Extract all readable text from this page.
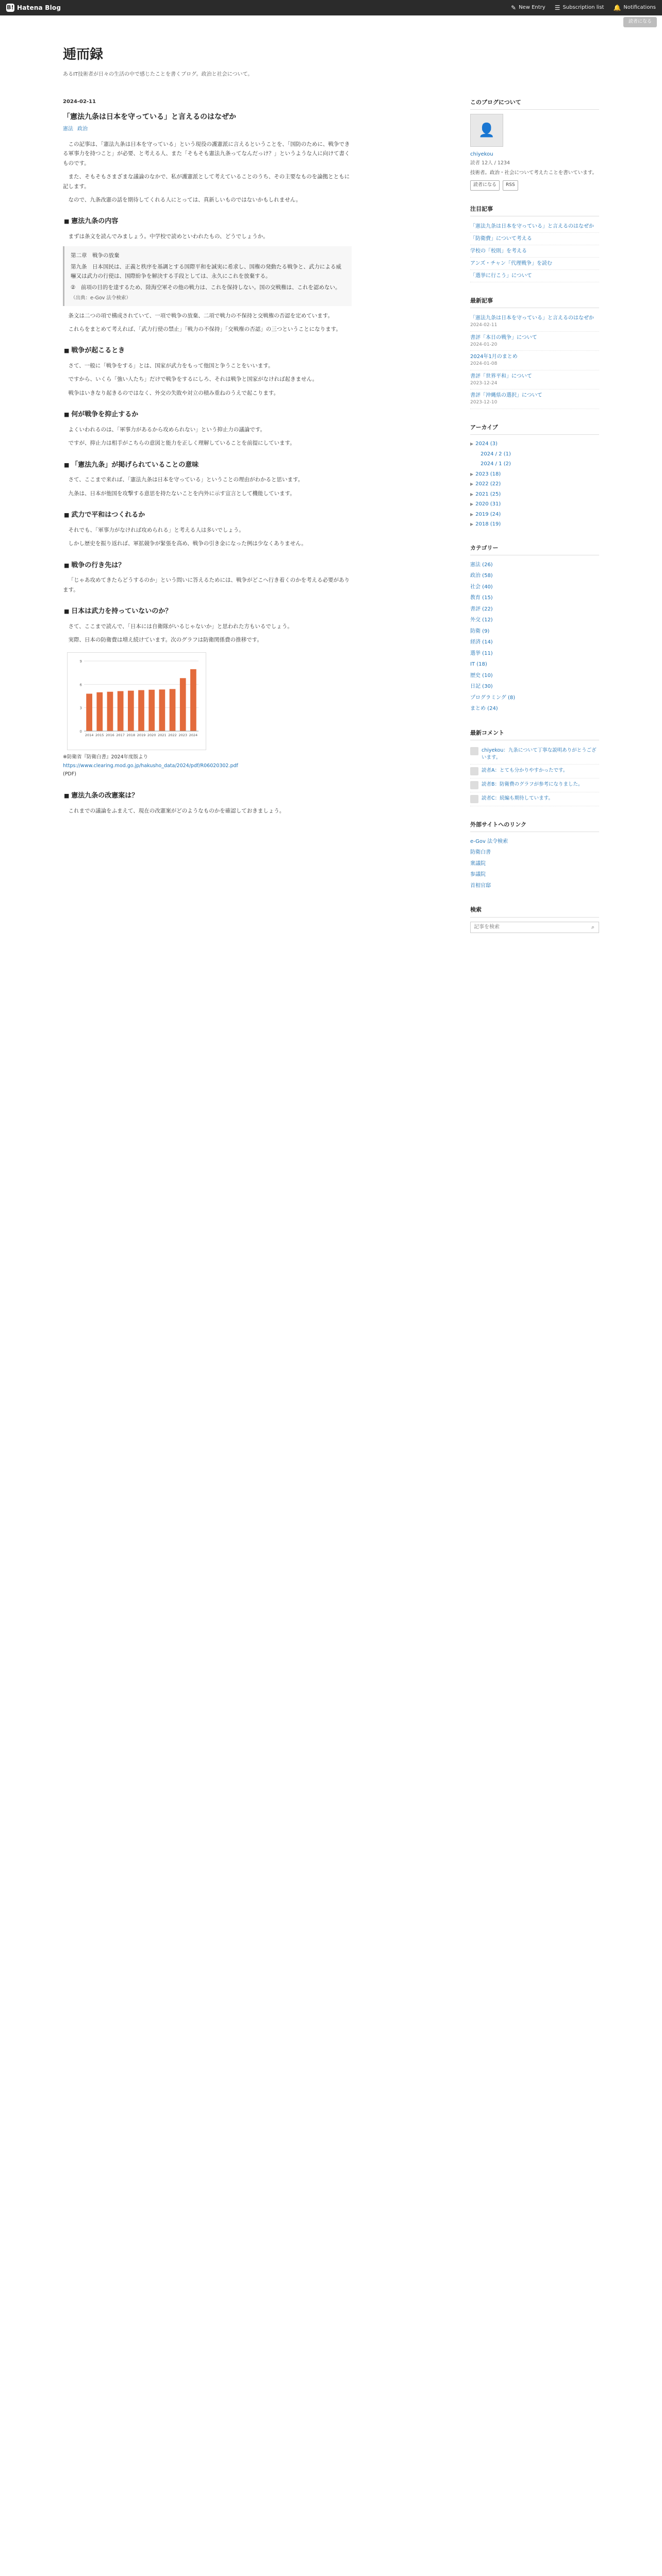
B! Hatena Blog	✎ New Entry ☰ Subscription list 🔔 Notifications
読者になる
逓而録
あるIT技術者が日々の生活の中で感じたことを書くブログ。政治と社会について。
2024-02-11
「憲法九条は日本を守っている」と言えるのはなぜか
憲法 政治

この記事は、「憲法九条は日本を守っている」という現役の護憲派に言えるということを、「国防のために、戦争できる軍事力を持つこと」が必要、と考える人、また「そもそも憲法九条ってなんだっけ？」というような人に向けて書くものです。

また、そもそもさまざまな議論のなかで、私が護憲派として考えていることのうち、その主要なものを論拠とともに記します。

なので、九条改憲の話を期待してくれる人にとっては、真新しいものではないかもしれません。

■ 憲法九条の内容

まずは条文を読んでみましょう。中学校で読めといわれたもの、どうでしょうか。

第二章　戦争の放棄

第九条　日本国民は、正義と秩序を基調とする国際平和を誠実に希求し、国権の発動たる戦争と、武力による威嚇又は武力の行使は、国際紛争を解決する手段としては、永久にこれを放棄する。

②　前項の目的を達するため、陸海空軍その他の戦力は、これを保持しない。国の交戦権は、これを認めない。

（出典：e-Gov 法令検索）

条文は二つの項で構成されていて、一項で戦争の放棄、二項で戦力の不保持と交戦権の否認を定めています。

これらをまとめて考えれば、「武力行使の禁止」「戦力の不保持」「交戦権の否認」の三つということになります。

■ 戦争が起こるとき

さて、一般に「戦争をする」とは、国家が武力をもって他国と争うことをいいます。

ですから、いくら「強い人たち」だけで戦争をするにしろ、それは戦争と国家がなければ起きません。

戦争はいきなり起きるのではなく、外交の失敗や対立の積み重ねのうえで起こります。

■ 何が戦争を抑止するか

よくいわれるのは、「軍事力があるから攻められない」という抑止力の議論です。

ですが、抑止力は相手がこちらの意図と能力を正しく理解していることを前提にしています。

■ 「憲法九条」が掲げられていることの意味

さて、ここまで来れば、「憲法九条は日本を守っている」ということの理由がわかると思います。

九条は、日本が他国を攻撃する意思を持たないことを内外に示す宣言として機能しています。

■ 武力で平和はつくれるか

それでも、「軍事力がなければ攻められる」と考える人は多いでしょう。

しかし歴史を振り返れば、軍拡競争が緊張を高め、戦争の引き金になった例は少なくありません。

■ 戦争の行き先は？

「じゃあ攻めてきたらどうするのか」という問いに答えるためには、戦争がどこへ行き着くのかを考える必要があります。

■ 日本は武力を持っていないのか？

さて、ここまで読んで、「日本には自衛隊がいるじゃないか」と思われた方もいるでしょう。

実際、日本の防衛費は増え続けています。次のグラフは防衛関係費の推移です。

0
3
6
9
2014 2015 2016 2017 2018 2019 2020 2021 2022 2023 2024
※防衛省『防衛白書』2024年度版より
https://www.clearing.mod.go.jp/hakusho_data/2024/pdf/R06020302.pdf
(PDF)
■ 憲法九条の改憲案は？

これまでの議論をふまえて、現在の改憲案がどのようなものかを確認しておきましょう。

このブログについて
👤
chiyekou
読者 12人 / 1234
技術者。政治・社会について考えたことを書いています。
読者になる	RSS
注目記事
「憲法九条は日本を守っている」と言えるのはなぜか
「防衛費」について考える
学校の「校則」を考える
アンズ・チャン「代理戦争」を読む
「選挙に行こう」について
最新記事
「憲法九条は日本を守っている」と言えるのはなぜか
2024-02-11
書評「本日の戦争」について
2024-01-20
2024年1月のまとめ
2024-01-08
書評「世界平和」について
2023-12-24
書評「沖縄県の選択」について
2023-12-10
アーカイブ
▶ 2024 (3)
2024 / 2 (1)
2024 / 1 (2)
▶ 2023 (18)
▶ 2022 (22)
▶ 2021 (25)
▶ 2020 (31)
▶ 2019 (24)
▶ 2018 (19)
カテゴリー
憲法 (26)
政治 (58)
社会 (40)
教育 (15)
書評 (22)
外交 (12)
防衛 (9)
経済 (14)
選挙 (11)
IT (18)
歴史 (10)
日記 (30)
プログラミング (8)
まとめ (24)
最新コメント
chiyekou：九条について丁寧な説明ありがとうございます。
読者A：とても分かりやすかったです。
読者B：防衛費のグラフが参考になりました。
読者C：続編も期待しています。
外部サイトへのリンク
e-Gov 法令検索
防衛白書
衆議院
参議院
首相官邸
検索
記事を検索
⌕
